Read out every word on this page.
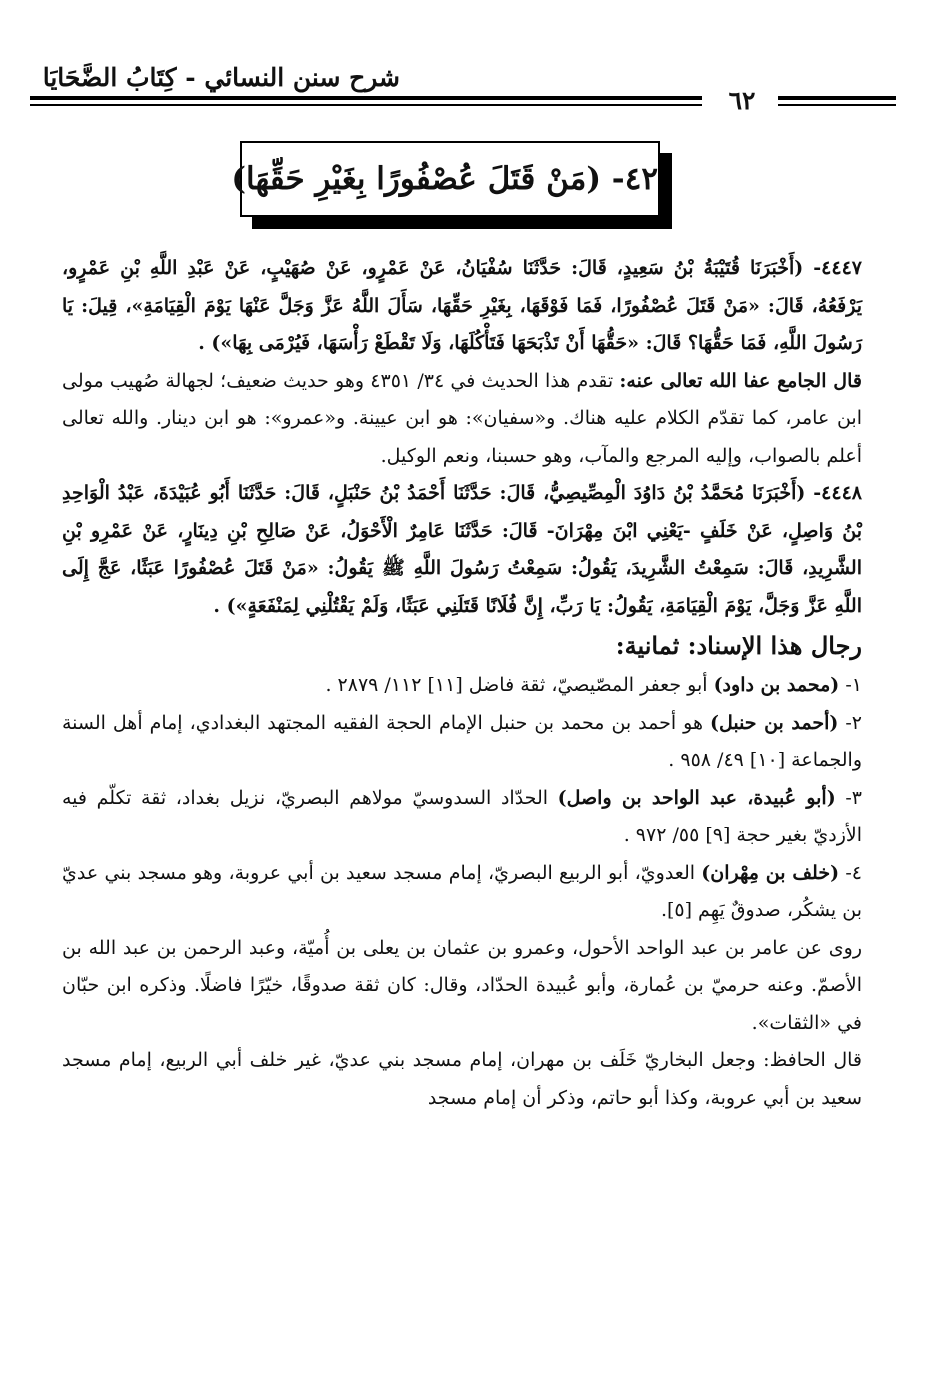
شرح سنن النسائي - كِتَابُ الضَّحَايَا
٦٢
٤٢- (مَنْ قَتَلَ عُصْفُورًا بِغَيْرِ حَقِّهَا)

٤٤٤٧- (أَخْبَرَنَا قُتَيْبَةُ بْنُ سَعِيدٍ، قَالَ: حَدَّثَنَا سُفْيَانُ، عَنْ عَمْرٍو، عَنْ صُهَيْبٍ، عَنْ عَبْدِ اللَّهِ بْنِ عَمْرٍو، يَرْفَعُهُ، قَالَ: «مَنْ قَتَلَ عُصْفُورًا، فَمَا فَوْقَهَا، بِغَيْرِ حَقِّهَا، سَأَلَ اللَّهُ عَزَّ وَجَلَّ عَنْهَا يَوْمَ الْقِيَامَةِ»، قِيلَ: يَا رَسُولَ اللَّهِ، فَمَا حَقُّهَا؟ قَالَ: «حَقُّهَا أَنْ تَذْبَحَهَا فَتَأْكُلَهَا، وَلَا تَقْطَعْ رَأْسَهَا، فَيُرْمَى بِهَا») .

قال الجامع عفا الله تعالى عنه: تقدم هذا الحديث في ٣٤/ ٤٣٥١ وهو حديث ضعيف؛ لجهالة صُهيب مولى ابن عامر، كما تقدّم الكلام عليه هناك. و«سفيان»: هو ابن عيينة. و«عمرو»: هو ابن دينار. والله تعالى أعلم بالصواب، وإليه المرجع والمآب، وهو حسبنا، ونعم الوكيل.

٤٤٤٨- (أَخْبَرَنَا مُحَمَّدُ بْنُ دَاوُدَ الْمِصِّيصِيُّ، قَالَ: حَدَّثَنَا أَحْمَدُ بْنُ حَنْبَلٍ، قَالَ: حَدَّثَنَا أَبُو عُبَيْدَةَ، عَبْدُ الْوَاحِدِ بْنُ وَاصِلٍ، عَنْ خَلَفٍ -يَعْنِي ابْنَ مِهْرَانَ- قَالَ: حَدَّثَنَا عَامِرٌ الْأَحْوَلُ، عَنْ صَالِحِ بْنِ دِينَارٍ، عَنْ عَمْرِو بْنِ الشَّرِيدِ، قَالَ: سَمِعْتُ الشَّرِيدَ، يَقُولُ: سَمِعْتُ رَسُولَ اللَّهِ ﷺ يَقُولُ: «مَنْ قَتَلَ عُصْفُورًا عَبَثًا، عَجَّ إِلَى اللَّهِ عَزَّ وَجَلَّ، يَوْمَ الْقِيَامَةِ، يَقُولُ: يَا رَبِّ، إِنَّ فُلَانًا قَتَلَنِي عَبَثًا، وَلَمْ يَقْتُلْنِي لِمَنْفَعَةٍ») .

رجال هذا الإسناد: ثمانية:

١- (محمد بن داود) أبو جعفر المصّيصيّ، ثقة فاضل [١١] ١١٢/ ٢٨٧٩ .

٢- (أحمد بن حنبل) هو أحمد بن محمد بن حنبل الإمام الحجة الفقيه المجتهد البغدادي، إمام أهل السنة والجماعة [١٠] ٤٩/ ٩٥٨ .

٣- (أبو عُبيدة، عبد الواحد بن واصل) الحدّاد السدوسيّ مولاهم البصريّ، نزيل بغداد، ثقة تكلّم فيه الأزديّ بغير حجة [٩] ٥٥/ ٩٧٢ .

٤- (خلف بن مِهْران) العدويّ، أبو الربيع البصريّ، إمام مسجد سعيد بن أبي عروبة، وهو مسجد بني عديّ بن يشكُر، صدوقٌ يَهِم [٥].

روى عن عامر بن عبد الواحد الأحول، وعمرو بن عثمان بن يعلى بن أُميّة، وعبد الرحمن بن عبد الله بن الأصمّ. وعنه حرميّ بن عُمارة، وأبو عُبيدة الحدّاد، وقال: كان ثقة صدوقًا، خيّرًا فاضلًا. وذكره ابن حبّان في «الثقات».

قال الحافظ: وجعل البخاريّ خَلَف بن مهران، إمام مسجد بني عديّ، غير خلف أبي الربيع، إمام مسجد سعيد بن أبي عروبة، وكذا أبو حاتم، وذكر أن إمام مسجد
